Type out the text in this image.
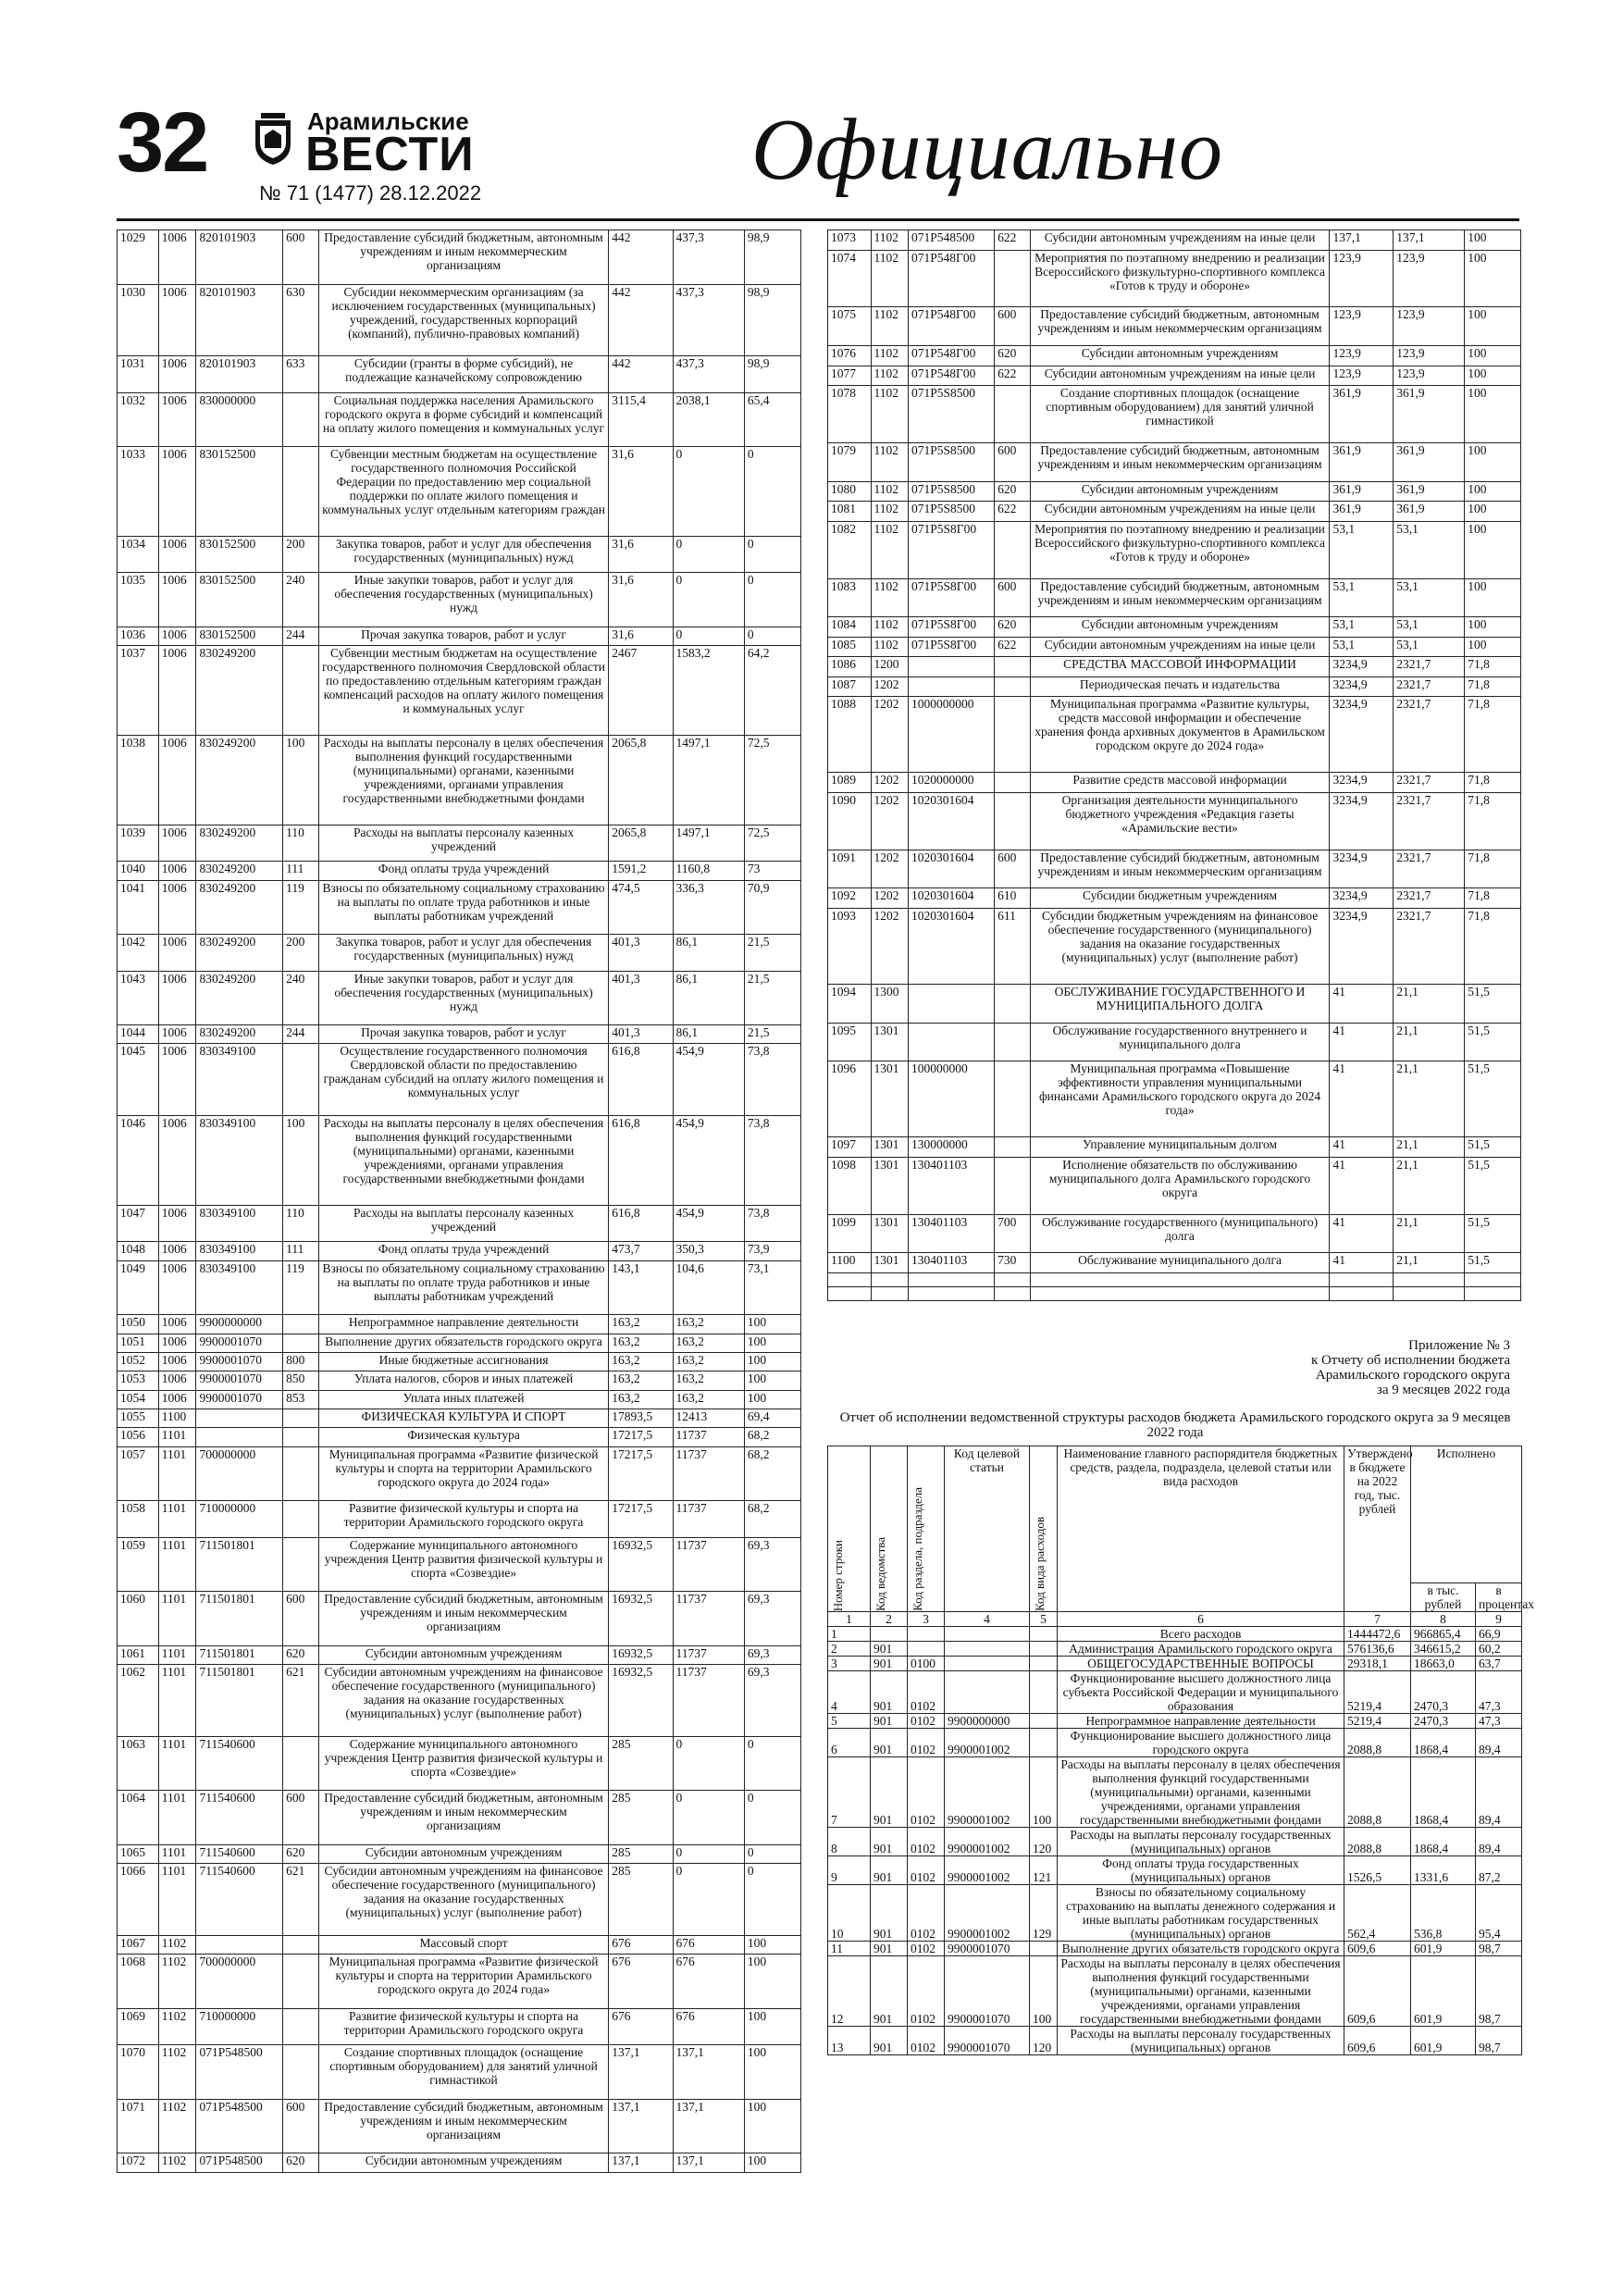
32	Арамильские
ВЕСТИ
№ 71 (1477) 28.12.2022	Официально
1029	1006	820101903	600	Предоставление субсидий бюджетным, автономным учреждениям и иным некоммерческим организациям	442	437,3	98,9
1030	1006	820101903	630	Субсидии некоммерческим организациям (за исключением государственных (муниципальных) учреждений, государственных корпораций (компаний), публично-правовых компаний)	442	437,3	98,9
1031	1006	820101903	633	Субсидии (гранты в форме субсидий), не подлежащие казначейскому сопровождению	442	437,3	98,9
1032	1006	830000000		Социальная поддержка населения Арамильского городского округа в форме субсидий и компенсаций на оплату жилого помещения и коммунальных услуг	3115,4	2038,1	65,4
1033	1006	830152500		Субвенции местным бюджетам на осуществление государственного полномочия Российской Федерации по предоставлению мер социальной поддержки по оплате жилого помещения и коммунальных услуг отдельным категориям граждан	31,6	0	0
1034	1006	830152500	200	Закупка товаров, работ и услуг для обеспечения государственных (муниципальных) нужд	31,6	0	0
1035	1006	830152500	240	Иные закупки товаров, работ и услуг для обеспечения государственных (муниципальных) нужд	31,6	0	0
1036	1006	830152500	244	Прочая закупка товаров, работ и услуг	31,6	0	0
1037	1006	830249200		Субвенции местным бюджетам на осуществление государственного полномочия Свердловской области по предоставлению отдельным категориям граждан компенсаций расходов на оплату жилого помещения и коммунальных услуг	2467	1583,2	64,2
1038	1006	830249200	100	Расходы на выплаты персоналу в целях обеспечения выполнения функций государственными (муниципальными) органами, казенными учреждениями, органами управления государственными внебюджетными фондами	2065,8	1497,1	72,5
1039	1006	830249200	110	Расходы на выплаты персоналу казенных учреждений	2065,8	1497,1	72,5
1040	1006	830249200	111	Фонд оплаты труда учреждений	1591,2	1160,8	73
1041	1006	830249200	119	Взносы по обязательному социальному страхованию на выплаты по оплате труда работников и иные выплаты работникам учреждений	474,5	336,3	70,9
1042	1006	830249200	200	Закупка товаров, работ и услуг для обеспечения государственных (муниципальных) нужд	401,3	86,1	21,5
1043	1006	830249200	240	Иные закупки товаров, работ и услуг для обеспечения государственных (муниципальных) нужд	401,3	86,1	21,5
1044	1006	830249200	244	Прочая закупка товаров, работ и услуг	401,3	86,1	21,5
1045	1006	830349100		Осуществление государственного полномочия Свердловской области по предоставлению гражданам субсидий на оплату жилого помещения и коммунальных услуг	616,8	454,9	73,8
1046	1006	830349100	100	Расходы на выплаты персоналу в целях обеспечения выполнения функций государственными (муниципальными) органами, казенными учреждениями, органами управления государственными внебюджетными фондами	616,8	454,9	73,8
1047	1006	830349100	110	Расходы на выплаты персоналу казенных учреждений	616,8	454,9	73,8
1048	1006	830349100	111	Фонд оплаты труда учреждений	473,7	350,3	73,9
1049	1006	830349100	119	Взносы по обязательному социальному страхованию на выплаты по оплате труда работников и иные выплаты работникам учреждений	143,1	104,6	73,1
1050	1006	9900000000		Непрограммное направление деятельности	163,2	163,2	100
1051	1006	9900001070		Выполнение других обязательств городского округа	163,2	163,2	100
1052	1006	9900001070	800	Иные бюджетные ассигнования	163,2	163,2	100
1053	1006	9900001070	850	Уплата налогов, сборов и иных платежей	163,2	163,2	100
1054	1006	9900001070	853	Уплата иных платежей	163,2	163,2	100
1055	1100			ФИЗИЧЕСКАЯ КУЛЬТУРА И СПОРТ	17893,5	12413	69,4
1056	1101			Физическая культура	17217,5	11737	68,2
1057	1101	700000000		Муниципальная программа «Развитие физической культуры и спорта на территории Арамильского городского округа до 2024 года»	17217,5	11737	68,2
1058	1101	710000000		Развитие физической культуры и спорта на территории Арамильского городского округа	17217,5	11737	68,2
1059	1101	711501801		Содержание муниципального автономного учреждения Центр развития физической культуры и спорта «Созвездие»	16932,5	11737	69,3
1060	1101	711501801	600	Предоставление субсидий бюджетным, автономным учреждениям и иным некоммерческим организациям	16932,5	11737	69,3
1061	1101	711501801	620	Субсидии автономным учреждениям	16932,5	11737	69,3
1062	1101	711501801	621	Субсидии автономным учреждениям на финансовое обеспечение государственного (муниципального) задания на оказание государственных (муниципальных) услуг (выполнение работ)	16932,5	11737	69,3
1063	1101	711540600		Содержание муниципального автономного учреждения Центр развития физической культуры и спорта «Созвездие»	285	0	0
1064	1101	711540600	600	Предоставление субсидий бюджетным, автономным учреждениям и иным некоммерческим организациям	285	0	0
1065	1101	711540600	620	Субсидии автономным учреждениям	285	0	0
1066	1101	711540600	621	Субсидии автономным учреждениям на финансовое обеспечение государственного (муниципального) задания на оказание государственных (муниципальных) услуг (выполнение работ)	285	0	0
1067	1102			Массовый спорт	676	676	100
1068	1102	700000000		Муниципальная программа «Развитие физической культуры и спорта на территории Арамильского городского округа до 2024 года»	676	676	100
1069	1102	710000000		Развитие физической культуры и спорта на территории Арамильского городского округа	676	676	100
1070	1102	071P548500		Создание спортивных площадок (оснащение спортивным оборудованием) для занятий уличной гимнастикой	137,1	137,1	100
1071	1102	071P548500	600	Предоставление субсидий бюджетным, автономным учреждениям и иным некоммерческим организациям	137,1	137,1	100
1072	1102	071P548500	620	Субсидии автономным учреждениям	137,1	137,1	100
1073	1102	071P548500	622	Субсидии автономным учреждениям на иные цели	137,1	137,1	100
1074	1102	071P548Г00		Мероприятия по поэтапному внедрению и реализации Всероссийского физкультурно-спортивного комплекса «Готов к труду и обороне»	123,9	123,9	100
1075	1102	071P548Г00	600	Предоставление субсидий бюджетным, автономным учреждениям и иным некоммерческим организациям	123,9	123,9	100
1076	1102	071P548Г00	620	Субсидии автономным учреждениям	123,9	123,9	100
1077	1102	071P548Г00	622	Субсидии автономным учреждениям на иные цели	123,9	123,9	100
1078	1102	071P5S8500		Создание спортивных площадок (оснащение спортивным оборудованием) для занятий уличной гимнастикой	361,9	361,9	100
1079	1102	071P5S8500	600	Предоставление субсидий бюджетным, автономным учреждениям и иным некоммерческим организациям	361,9	361,9	100
1080	1102	071P5S8500	620	Субсидии автономным учреждениям	361,9	361,9	100
1081	1102	071P5S8500	622	Субсидии автономным учреждениям на иные цели	361,9	361,9	100
1082	1102	071P5S8Г00		Мероприятия по поэтапному внедрению и реализации Всероссийского физкультурно-спортивного комплекса «Готов к труду и обороне»	53,1	53,1	100
1083	1102	071P5S8Г00	600	Предоставление субсидий бюджетным, автономным учреждениям и иным некоммерческим организациям	53,1	53,1	100
1084	1102	071P5S8Г00	620	Субсидии автономным учреждениям	53,1	53,1	100
1085	1102	071P5S8Г00	622	Субсидии автономным учреждениям на иные цели	53,1	53,1	100
1086	1200			СРЕДСТВА МАССОВОЙ ИНФОРМАЦИИ	3234,9	2321,7	71,8
1087	1202			Периодическая печать и издательства	3234,9	2321,7	71,8
1088	1202	1000000000		Муниципальная программа «Развитие культуры, средств массовой информации и обеспечение хранения фонда архивных документов в Арамильском городском округе до 2024 года»	3234,9	2321,7	71,8
1089	1202	1020000000		Развитие средств массовой информации	3234,9	2321,7	71,8
1090	1202	1020301604		Организация деятельности муниципального бюджетного учреждения «Редакция газеты «Арамильские вести»	3234,9	2321,7	71,8
1091	1202	1020301604	600	Предоставление субсидий бюджетным, автономным учреждениям и иным некоммерческим организациям	3234,9	2321,7	71,8
1092	1202	1020301604	610	Субсидии бюджетным учреждениям	3234,9	2321,7	71,8
1093	1202	1020301604	611	Субсидии бюджетным учреждениям на финансовое обеспечение государственного (муниципального) задания на оказание государственных (муниципальных) услуг (выполнение работ)	3234,9	2321,7	71,8
1094	1300			ОБСЛУЖИВАНИЕ ГОСУДАРСТВЕННОГО И МУНИЦИПАЛЬНОГО ДОЛГА	41	21,1	51,5
1095	1301			Обслуживание государственного внутреннего и муниципального долга	41	21,1	51,5
1096	1301	100000000		Муниципальная программа «Повышение эффективности управления муниципальными финансами Арамильского городского округа до 2024 года»	41	21,1	51,5
1097	1301	130000000		Управление муниципальным долгом	41	21,1	51,5
1098	1301	130401103		Исполнение обязательств по обслуживанию муниципального долга Арамильского городского округа	41	21,1	51,5
1099	1301	130401103	700	Обслуживание государственного (муниципального) долга	41	21,1	51,5
1100	1301	130401103	730	Обслуживание муниципального долга	41	21,1	51,5

Приложение № 3
к Отчету об исполнении бюджета
Арамильского городского округа
за 9 месяцев 2022 года
Отчет об исполнении ведомственной структуры расходов бюджета Арамильского городского округа за 9 месяцев 2022 года
Номер строки	Код ведомства	Код раздела, подраздела	Код целевой статьи	Код вида расходов	Наименование главного распорядителя бюджетных средств, раздела, подраздела, целевой статьи или вида расходов	Утверждено в бюджете на 2022 год, тыс. рублей	Исполнено	
							в тыс. рублей	в процентах
1	2	3	4	5	6	7	8	9
1					Всего расходов	1444472,6	966865,4	66,9
2	901				Администрация Арамильского городского округа	576136,6	346615,2	60,2
3	901	0100			ОБЩЕГОСУДАРСТВЕННЫЕ ВОПРОСЫ	29318,1	18663,0	63,7
4	901	0102			Функционирование высшего должностного лица субъекта Российской Федерации и муниципального образования	5219,4	2470,3	47,3
5	901	0102	9900000000		Непрограммное направление деятельности	5219,4	2470,3	47,3
6	901	0102	9900001002		Функционирование высшего должностного лица городского округа	2088,8	1868,4	89,4
7	901	0102	9900001002	100	Расходы на выплаты персоналу в целях обеспечения выполнения функций государственными (муниципальными) органами, казенными учреждениями, органами управления государственными внебюджетными фондами	2088,8	1868,4	89,4
8	901	0102	9900001002	120	Расходы на выплаты персоналу государственных (муниципальных) органов	2088,8	1868,4	89,4
9	901	0102	9900001002	121	Фонд оплаты труда государственных (муниципальных) органов	1526,5	1331,6	87,2
10	901	0102	9900001002	129	Взносы по обязательному социальному страхованию на выплаты денежного содержания и иные выплаты работникам государственных (муниципальных) органов	562,4	536,8	95,4
11	901	0102	9900001070		Выполнение других обязательств городского округа	609,6	601,9	98,7
12	901	0102	9900001070	100	Расходы на выплаты персоналу в целях обеспечения выполнения функций государственными (муниципальными) органами, казенными учреждениями, органами управления государственными внебюджетными фондами	609,6	601,9	98,7
13	901	0102	9900001070	120	Расходы на выплаты персоналу государственных (муниципальных) органов	609,6	601,9	98,7
